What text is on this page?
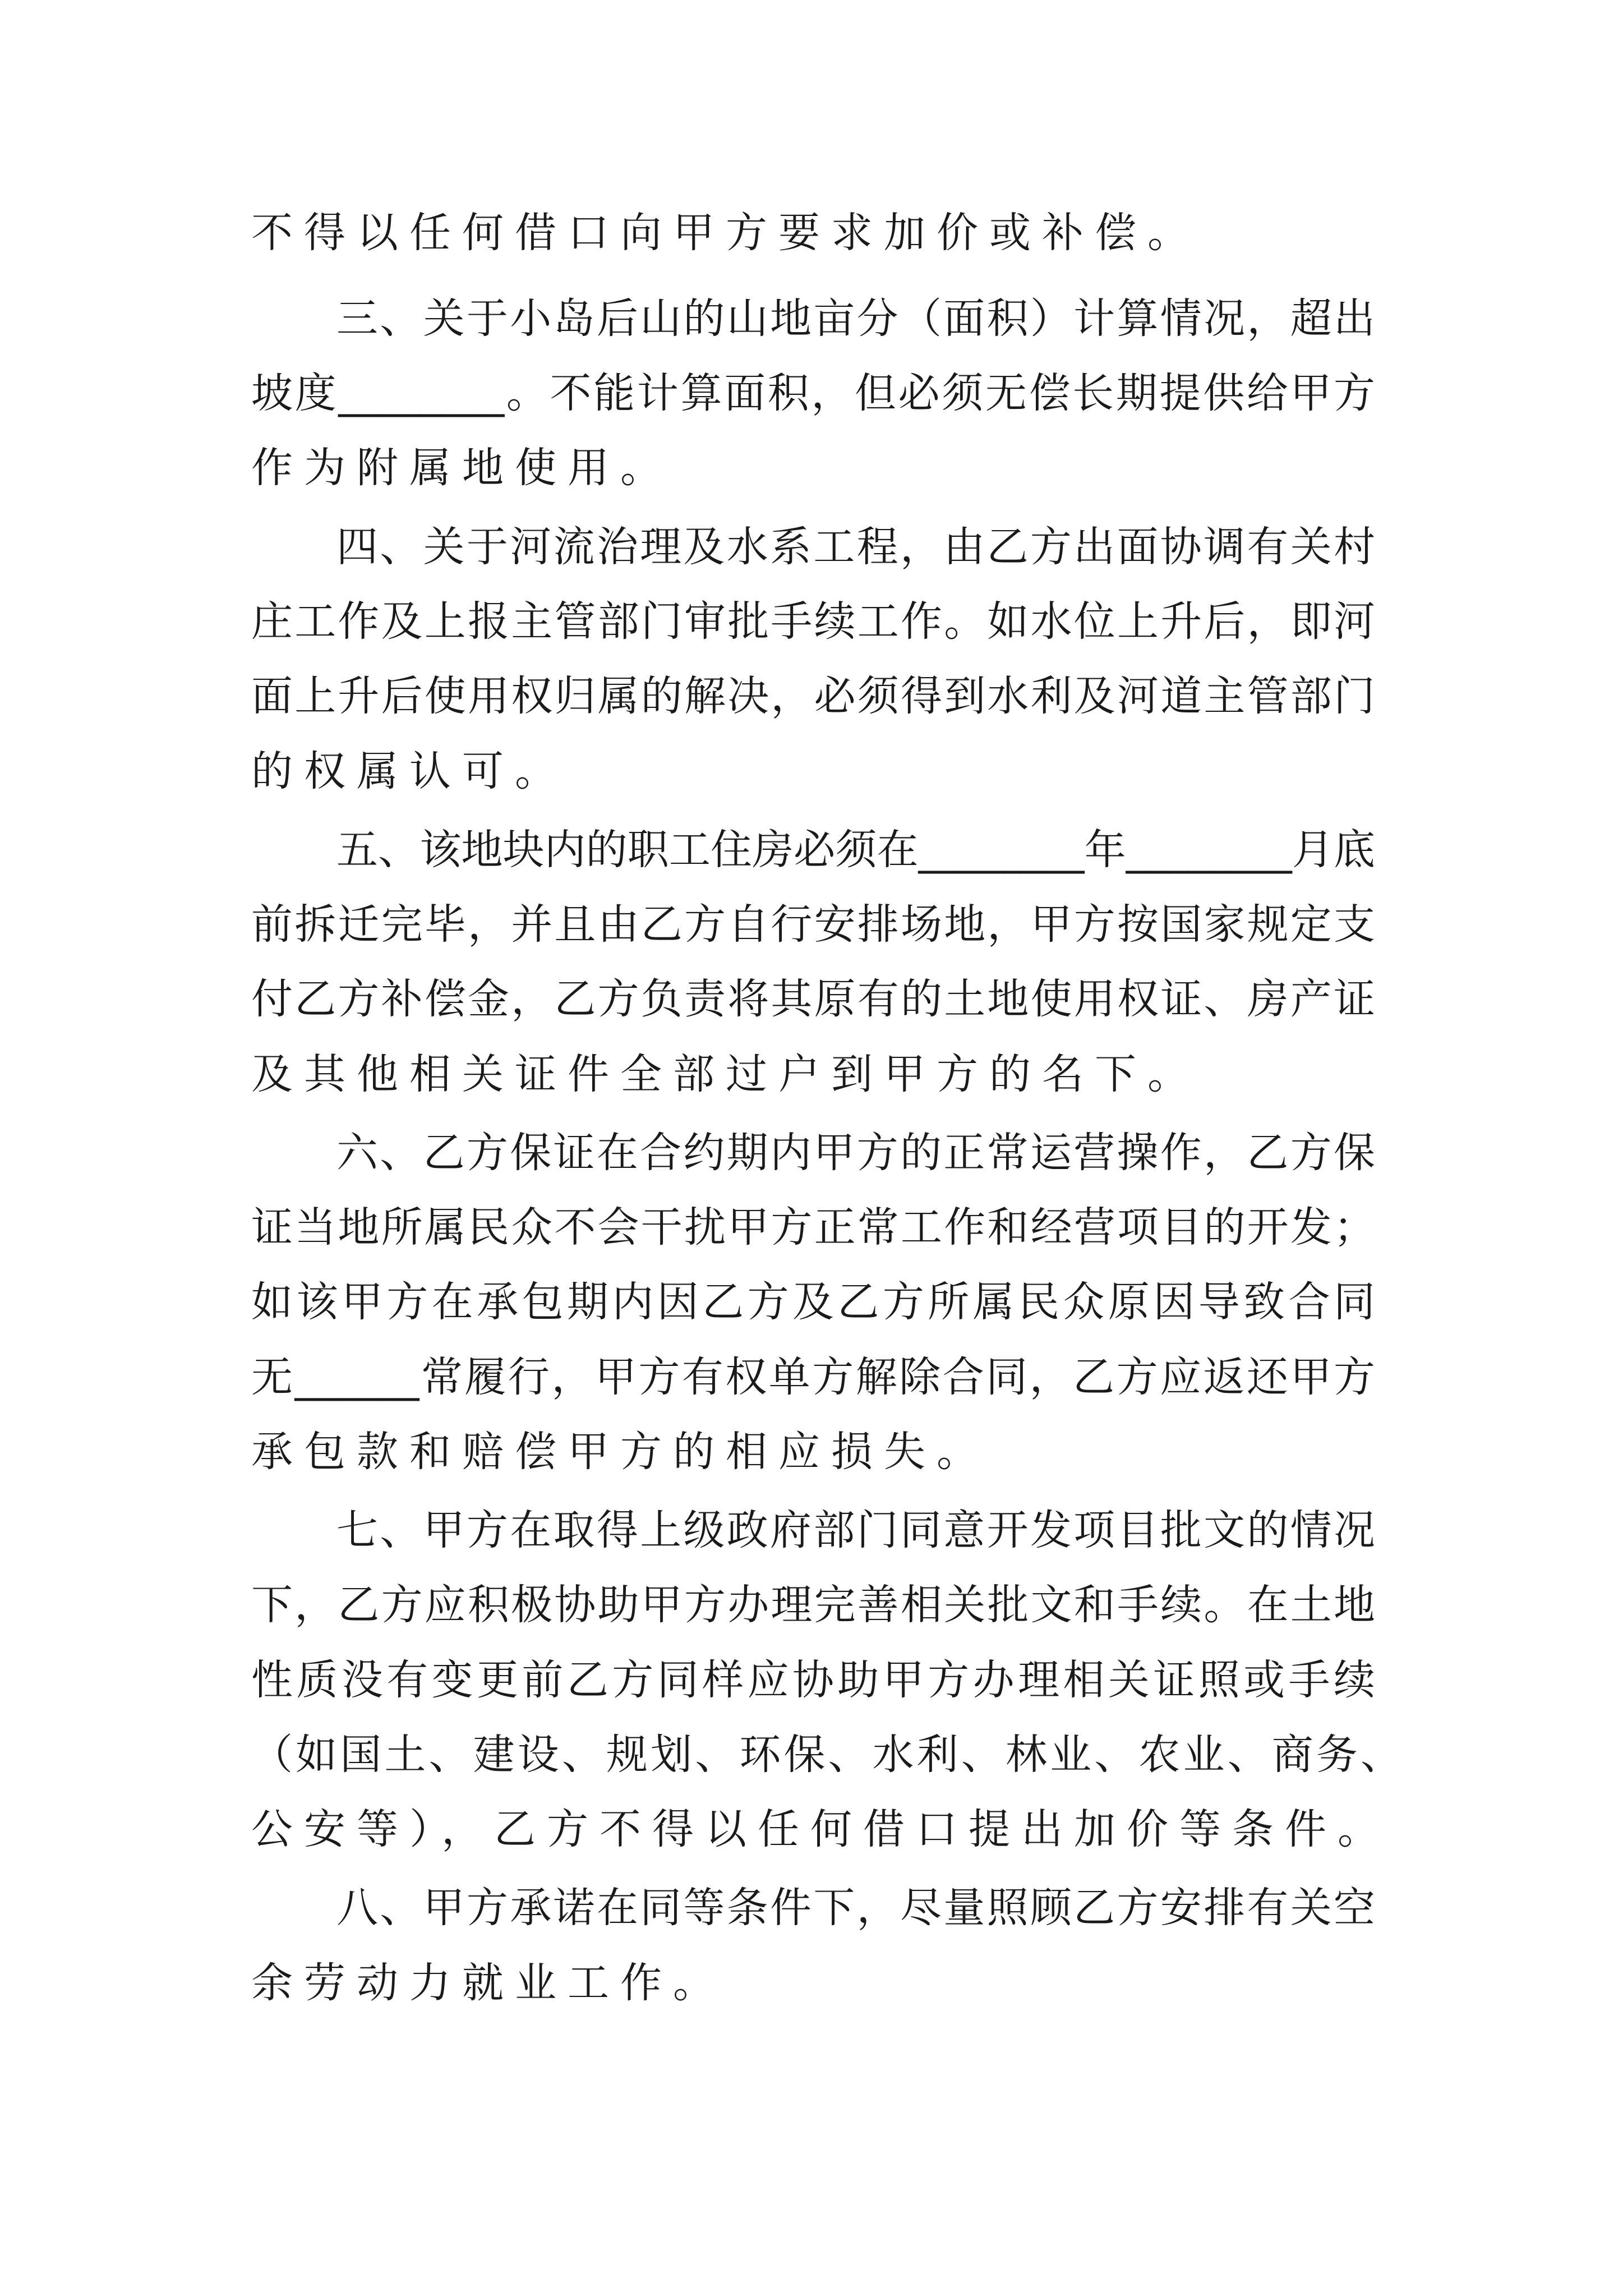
不得以任何借口向甲方要求加价或补偿。
三、关于小岛后山的山地亩分（面积）计算情况，超出
坡度________。不能计算面积，但必须无偿长期提供给甲方
作为附属地使用。
四、关于河流治理及水系工程，由乙方出面协调有关村
庄工作及上报主管部门审批手续工作。如水位上升后，即河
面上升后使用权归属的解决，必须得到水利及河道主管部门
的权属认可。
五、该地块内的职工住房必须在________年________月底
前拆迁完毕，并且由乙方自行安排场地，甲方按国家规定支
付乙方补偿金，乙方负责将其原有的土地使用权证、房产证
及其他相关证件全部过户到甲方的名下。
六、乙方保证在合约期内甲方的正常运营操作，乙方保
证当地所属民众不会干扰甲方正常工作和经营项目的开发；
如该甲方在承包期内因乙方及乙方所属民众原因导致合同
无______常履行，甲方有权单方解除合同，乙方应返还甲方
承包款和赔偿甲方的相应损失。
七、甲方在取得上级政府部门同意开发项目批文的情况
下，乙方应积极协助甲方办理完善相关批文和手续。在土地
性质没有变更前乙方同样应协助甲方办理相关证照或手续
（如国土、建设、规划、环保、水利、林业、农业、商务、
公安等），乙方不得以任何借口提出加价等条件。
八、甲方承诺在同等条件下，尽量照顾乙方安排有关空
余劳动力就业工作。
